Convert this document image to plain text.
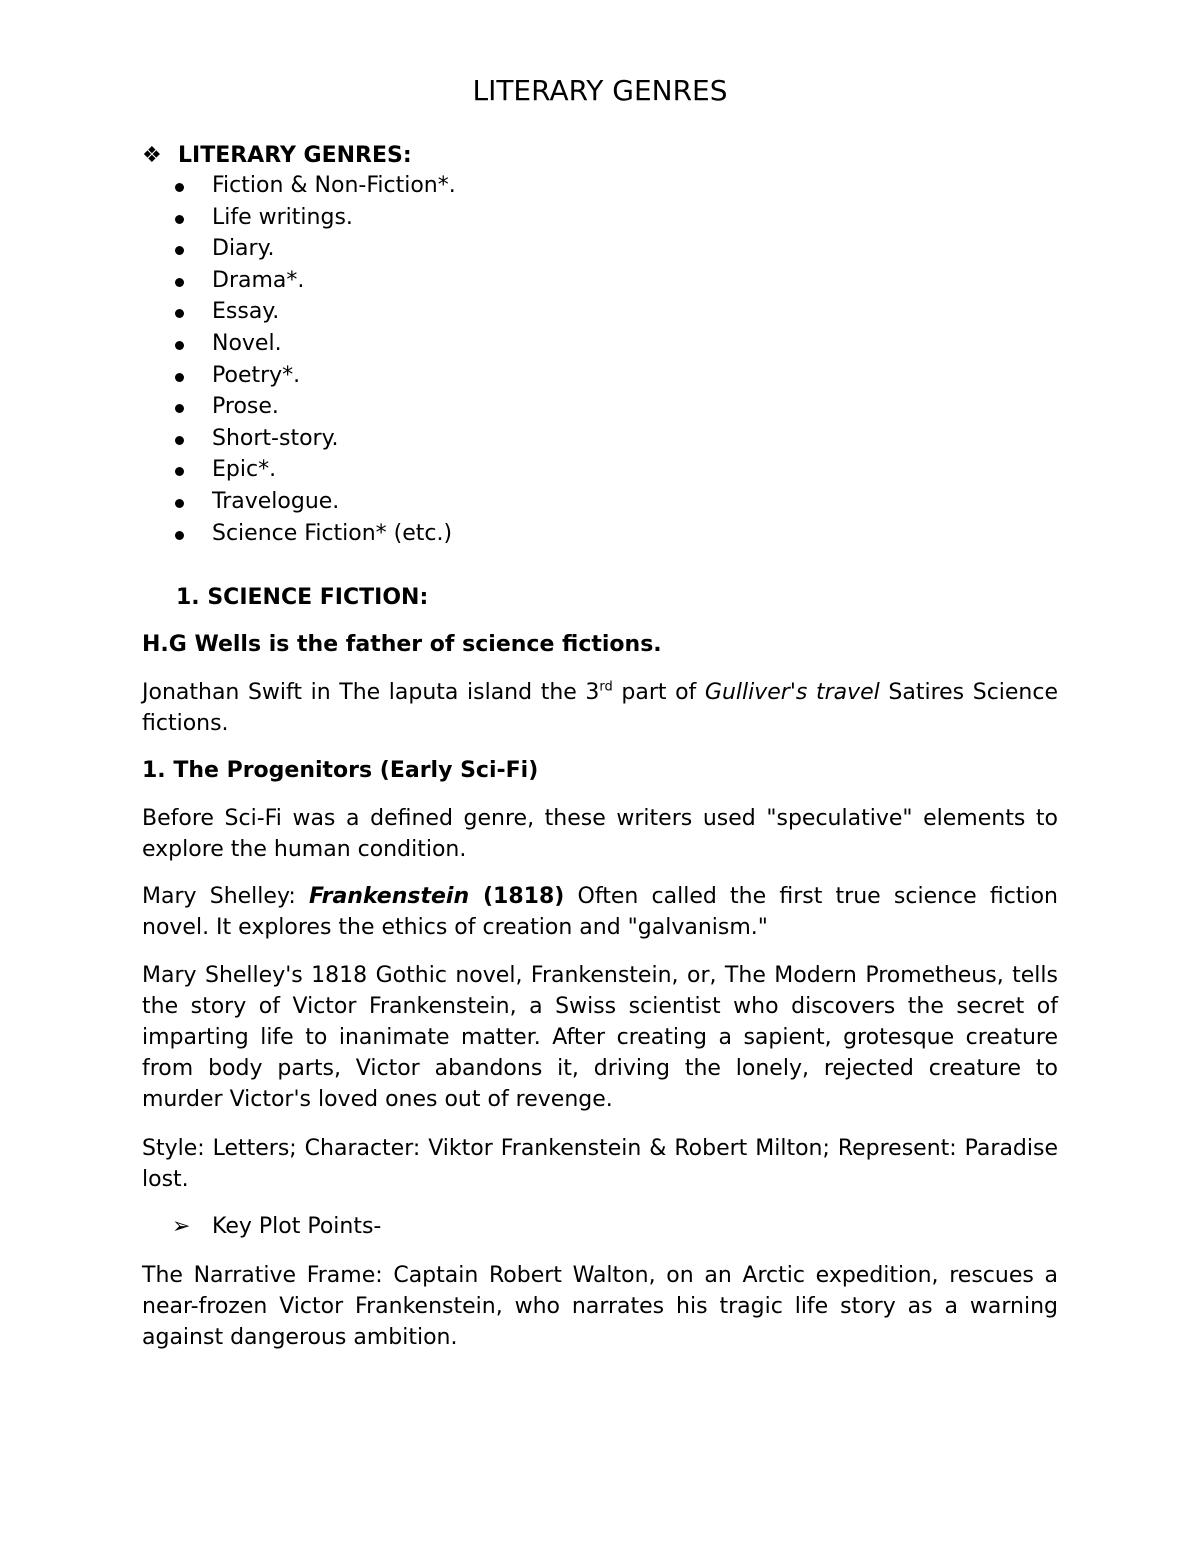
LITERARY GENRES
❖ LITERARY GENRES:
Fiction & Non-Fiction*.
Life writings.
Diary.
Drama*.
Essay.
Novel.
Poetry*.
Prose.
Short-story.
Epic*.
Travelogue.
Science Fiction* (etc.)
1. SCIENCE FICTION:

H.G Wells is the father of science fictions.

Jonathan Swift in The laputa island the 3rd part of Gulliver's travel Satires Science fictions.

1. The Progenitors (Early Sci-Fi)

Before Sci-Fi was a defined genre, these writers used "speculative" elements to explore the human condition.

Mary Shelley: Frankenstein (1818) Often called the first true science fiction novel. It explores the ethics of creation and "galvanism."

Mary Shelley's 1818 Gothic novel, Frankenstein, or, The Modern Prometheus, tells the story of Victor Frankenstein, a Swiss scientist who discovers the secret of imparting life to inanimate matter. After creating a sapient, grotesque creature from body parts, Victor abandons it, driving the lonely, rejected creature to murder Victor's loved ones out of revenge.

Style: Letters; Character: Viktor Frankenstein & Robert Milton; Represent: Paradise lost.

➢ Key Plot Points-

The Narrative Frame: Captain Robert Walton, on an Arctic expedition, rescues a near-frozen Victor Frankenstein, who narrates his tragic life story as a warning against dangerous ambition.
